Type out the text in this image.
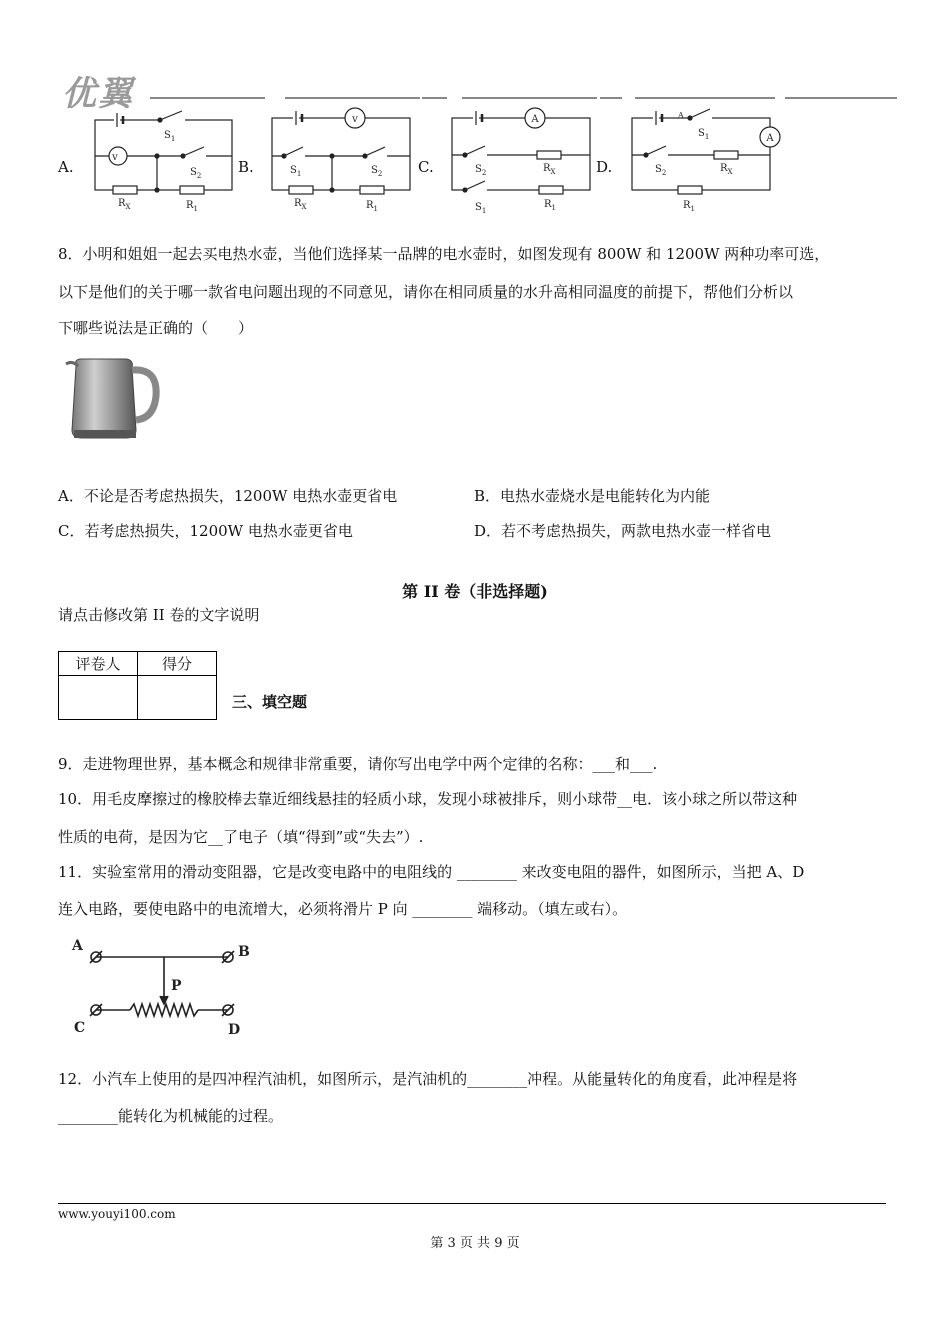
优翼
A.	B.	C.	D.
$S_1$
v
$S_2$
$R_X$	$R_1$
v
$S_1$	$S_2$
$R_X$	$R_1$
A
$S_2$	$R_X$
$S_1$
$R_1$
A
$S_1$	A
$S_2$	$R_X$
$R_1$
8．小明和姐姐一起去买电热水壶，当他们选择某一品牌的电水壶时，如图发现有 800W 和 1200W 两种功率可选，
以下是他们的关于哪一款省电问题出现的不同意见，请你在相同质量的水升高相同温度的前提下，帮他们分析以
下哪些说法是正确的（　　）
A．不论是否考虑热损失，1200W 电热水壶更省电	B．电热水壶烧水是电能转化为内能
C．若考虑热损失，1200W 电热水壶更省电	D．若不考虑热损失，两款电热水壶一样省电
第 II 卷（非选择题)
请点击修改第 II 卷的文字说明
评卷人	得分

三、填空题
9．走进物理世界，基本概念和规律非常重要，请你写出电学中两个定律的名称：___和___.
10．用毛皮摩擦过的橡胶棒去靠近细线悬挂的轻质小球，发现小球被排斥，则小球带__电．该小球之所以带这种
性质的电荷，是因为它__了电子（填“得到”或“失去”）.
11．实验室常用的滑动变阻器，它是改变电路中的电阻线的 ________ 来改变电阻的器件，如图所示，当把 A、D
连入电路，要使电路中的电流增大，必须将滑片 P 向 ________ 端移动。（填左或右）。
A	B
C	D
P
12．小汽车上使用的是四冲程汽油机，如图所示，是汽油机的________冲程。从能量转化的角度看，此冲程是将
________能转化为机械能的过程。
www.youyi100.com
第 3 页 共 9 页
